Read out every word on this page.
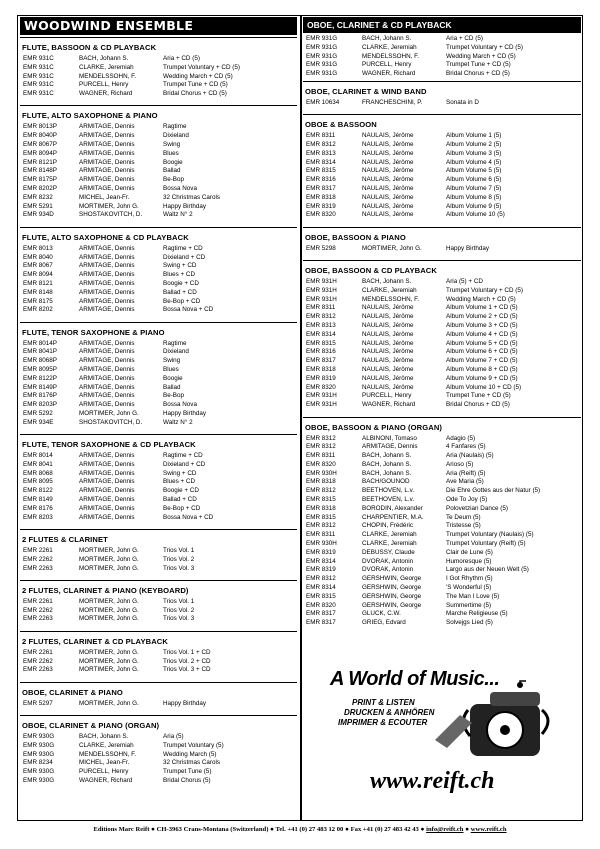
WOODWIND ENSEMBLE
FLUTE, BASSOON & CD PLAYBACK
EMR 931C	BACH, Johann S.	Aria + CD (5)
EMR 931C	CLARKE, Jeremiah	Trumpet Voluntary + CD (5)
EMR 931C	MENDELSSOHN, F.	Wedding March + CD (5)
EMR 931C	PURCELL, Henry	Trumpet Tune + CD (5)
EMR 931C	WAGNER, Richard	Bridal Chorus + CD (5)
FLUTE, ALTO SAXOPHONE & PIANO
EMR 8013P	ARMITAGE, Dennis	Ragtime
EMR 8040P	ARMITAGE, Dennis	Dixieland
EMR 8067P	ARMITAGE, Dennis	Swing
EMR 8094P	ARMITAGE, Dennis	Blues
EMR 8121P	ARMITAGE, Dennis	Boogie
EMR 8148P	ARMITAGE, Dennis	Ballad
EMR 8175P	ARMITAGE, Dennis	Be-Bop
EMR 8202P	ARMITAGE, Dennis	Bossa Nova
EMR 8232	MICHEL, Jean-Fr.	32 Christmas Carols
EMR 5291	MORTIMER, John G.	Happy Birthday
EMR 934D	SHOSTAKOVITCH, D.	Waltz N° 2
FLUTE, ALTO SAXOPHONE & CD PLAYBACK
EMR 8013	ARMITAGE, Dennis	Ragtime + CD
EMR 8040	ARMITAGE, Dennis	Dixieland + CD
EMR 8067	ARMITAGE, Dennis	Swing + CD
EMR 8094	ARMITAGE, Dennis	Blues + CD
EMR 8121	ARMITAGE, Dennis	Boogie + CD
EMR 8148	ARMITAGE, Dennis	Ballad + CD
EMR 8175	ARMITAGE, Dennis	Be-Bop + CD
EMR 8202	ARMITAGE, Dennis	Bossa Nova + CD
FLUTE, TENOR SAXOPHONE & PIANO
EMR 8014P	ARMITAGE, Dennis	Ragtime
EMR 8041P	ARMITAGE, Dennis	Dixieland
EMR 8068P	ARMITAGE, Dennis	Swing
EMR 8095P	ARMITAGE, Dennis	Blues
EMR 8122P	ARMITAGE, Dennis	Boogie
EMR 8149P	ARMITAGE, Dennis	Ballad
EMR 8176P	ARMITAGE, Dennis	Be-Bop
EMR 8203P	ARMITAGE, Dennis	Bossa Nova
EMR 5292	MORTIMER, John G.	Happy Birthday
EMR 934E	SHOSTAKOVITCH, D.	Waltz N° 2
FLUTE, TENOR SAXOPHONE & CD PLAYBACK
EMR 8014	ARMITAGE, Dennis	Ragtime + CD
EMR 8041	ARMITAGE, Dennis	Dixieland + CD
EMR 8068	ARMITAGE, Dennis	Swing + CD
EMR 8095	ARMITAGE, Dennis	Blues + CD
EMR 8122	ARMITAGE, Dennis	Boogie + CD
EMR 8149	ARMITAGE, Dennis	Ballad + CD
EMR 8176	ARMITAGE, Dennis	Be-Bop + CD
EMR 8203	ARMITAGE, Dennis	Bossa Nova + CD
2 FLUTES & CLARINET
EMR 2261	MORTIMER, John G.	Trios Vol. 1
EMR 2262	MORTIMER, John G.	Trios Vol. 2
EMR 2263	MORTIMER, John G.	Trios Vol. 3
2 FLUTES, CLARINET & PIANO (KEYBOARD)
EMR 2261	MORTIMER, John G.	Trios Vol. 1
EMR 2262	MORTIMER, John G.	Trios Vol. 2
EMR 2263	MORTIMER, John G.	Trios Vol. 3
2 FLUTES, CLARINET & CD PLAYBACK
EMR 2261	MORTIMER, John G.	Trios Vol. 1 + CD
EMR 2262	MORTIMER, John G.	Trios Vol. 2 + CD
EMR 2263	MORTIMER, John G.	Trios Vol. 3 + CD
OBOE, CLARINET & PIANO
EMR 5297	MORTIMER, John G.	Happy Birthday
OBOE, CLARINET & PIANO (ORGAN)
EMR 930G	BACH, Johann S.	Aria (5)
EMR 930G	CLARKE, Jeremiah	Trumpet Voluntary (5)
EMR 930G	MENDELSSOHN, F.	Wedding March (5)
EMR 8234	MICHEL, Jean-Fr.	32 Christmas Carols
EMR 930G	PURCELL, Henry	Trumpet Tune (5)
EMR 930G	WAGNER, Richard	Bridal Chorus (5)
OBOE, CLARINET & CD PLAYBACK
EMR 931G	BACH, Johann S.	Aria + CD (5)
EMR 931G	CLARKE, Jeremiah	Trumpet Voluntary + CD (5)
EMR 931G	MENDELSSOHN, F.	Wedding March + CD (5)
EMR 931G	PURCELL, Henry	Trumpet Tune + CD (5)
EMR 931G	WAGNER, Richard	Bridal Chorus + CD (5)
OBOE, CLARINET & WIND BAND
EMR 10634	FRANCHESCHINI, P.	Sonata in D
OBOE & BASSOON
EMR 8311	NAULAIS, Jérôme	Album Volume 1 (5)
EMR 8312	NAULAIS, Jérôme	Album Volume 2 (5)
EMR 8313	NAULAIS, Jérôme	Album Volume 3 (5)
EMR 8314	NAULAIS, Jérôme	Album Volume 4 (5)
EMR 8315	NAULAIS, Jérôme	Album Volume 5 (5)
EMR 8316	NAULAIS, Jérôme	Album Volume 6 (5)
EMR 8317	NAULAIS, Jérôme	Album Volume 7 (5)
EMR 8318	NAULAIS, Jérôme	Album Volume 8 (5)
EMR 8319	NAULAIS, Jérôme	Album Volume 9 (5)
EMR 8320	NAULAIS, Jérôme	Album Volume 10 (5)
OBOE, BASSOON & PIANO
EMR 5298	MORTIMER, John G.	Happy Birthday
OBOE, BASSOON & CD PLAYBACK
EMR 931H	BACH, Johann S.	Aria (5) + CD
EMR 931H	CLARKE, Jeremiah	Trumpet Voluntary + CD (5)
EMR 931H	MENDELSSOHN, F.	Wedding March + CD (5)
EMR 8311	NAULAIS, Jérôme	Album Volume 1 + CD (5)
EMR 8312	NAULAIS, Jérôme	Album Volume 2 + CD (5)
EMR 8313	NAULAIS, Jérôme	Album Volume 3 + CD (5)
EMR 8314	NAULAIS, Jérôme	Album Volume 4 + CD (5)
EMR 8315	NAULAIS, Jérôme	Album Volume 5 + CD (5)
EMR 8316	NAULAIS, Jérôme	Album Volume 6 + CD (5)
EMR 8317	NAULAIS, Jérôme	Album Volume 7 + CD (5)
EMR 8318	NAULAIS, Jérôme	Album Volume 8 + CD (5)
EMR 8319	NAULAIS, Jérôme	Album Volume 9 + CD (5)
EMR 8320	NAULAIS, Jérôme	Album Volume 10 + CD (5)
EMR 931H	PURCELL, Henry	Trumpet Tune + CD (5)
EMR 931H	WAGNER, Richard	Bridal Chorus + CD (5)
OBOE, BASSOON & PIANO (ORGAN)
EMR 8312	ALBINONI, Tomaso	Adagio (5)
EMR 8312	ARMITAGE, Dennis	4 Fanfares (5)
EMR 8311	BACH, Johann S.	Aria (Naulais) (5)
EMR 8320	BACH, Johann S.	Arioso (5)
EMR 930H	BACH, Johann S.	Aria (Reift) (5)
EMR 8318	BACH/GOUNOD	Ave Maria (5)
EMR 8312	BEETHOVEN, L.v.	Die Ehre Gottes aus der Natur (5)
EMR 8315	BEETHOVEN, L.v.	Ode To Joy (5)
EMR 8318	BORODIN, Alexander	Polovetzian Dance (5)
EMR 8315	CHARPENTIER, M.A.	Te Deum (5)
EMR 8312	CHOPIN, Frédéric	Tristesse (5)
EMR 8311	CLARKE, Jeremiah	Trumpet Voluntary (Naulais) (5)
EMR 930H	CLARKE, Jeremiah	Trumpet Voluntary (Reift) (5)
EMR 8319	DEBUSSY, Claude	Clair de Lune (5)
EMR 8314	DVORAK, Antonin	Humoresque (5)
EMR 8319	DVORAK, Antonin	Largo aus der Neuen Welt (5)
EMR 8312	GERSHWIN, George	I Got Rhythm (5)
EMR 8314	GERSHWIN, George	'S Wonderful (5)
EMR 8315	GERSHWIN, George	The Man I Love (5)
EMR 8320	GERSHWIN, George	Summertime (5)
EMR 8317	GLUCK, C.W.	Marche Religieuse (5)
EMR 8317	GRIEG, Edvard	Solvejgs Lied (5)
A World of Music...
PRINT & LISTEN
DRUCKEN & ANHÖREN
IMPRIMER & ECOUTER
www.reift.ch
Editions Marc Reift ● CH-3963 Crans-Montana (Switzerland) ● Tel. +41 (0) 27 483 12 00 ● Fax +41 (0) 27 483 42 43 ● info@reift.ch ● www.reift.ch
